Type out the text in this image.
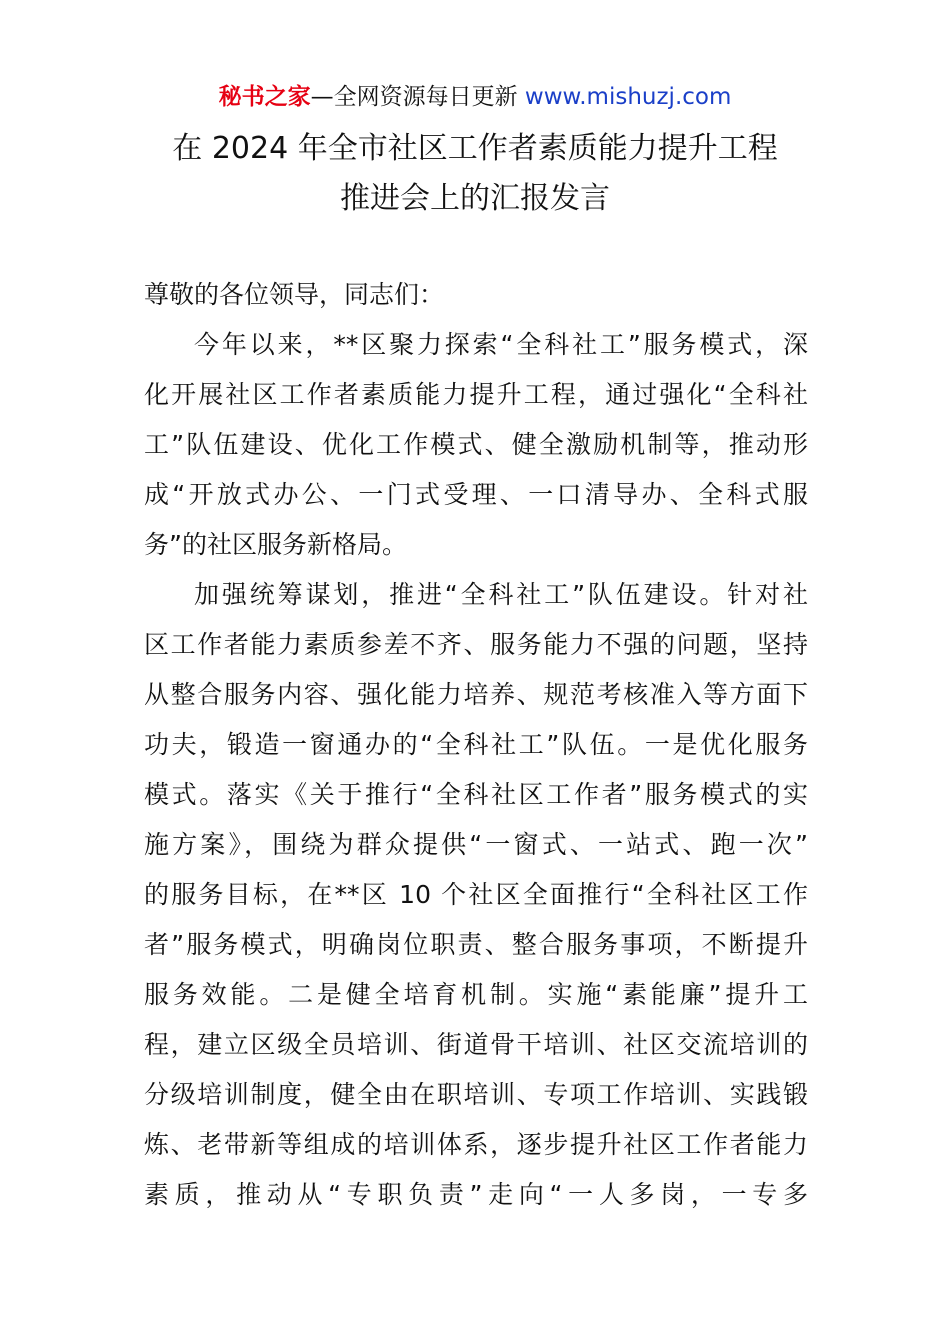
秘书之家—全网资源每日更新 www.mishuzj.com
在 2024 年全市社区工作者素质能力提升工程
推进会上的汇报发言
尊敬的各位领导，同志们：
今年以来，**区聚力探索“全科社工”服务模式，深
化开展社区工作者素质能力提升工程，通过强化“全科社
工”队伍建设、优化工作模式、健全激励机制等，推动形
成“开放式办公、一门式受理、一口清导办、全科式服
务”的社区服务新格局。
加强统筹谋划，推进“全科社工”队伍建设。针对社
区工作者能力素质参差不齐、服务能力不强的问题，坚持
从整合服务内容、强化能力培养、规范考核准入等方面下
功夫，锻造一窗通办的“全科社工”队伍。一是优化服务
模式。落实《关于推行“全科社区工作者”服务模式的实
施方案》，围绕为群众提供“一窗式、一站式、跑一次”
的服务目标，在**区 10 个社区全面推行“全科社区工作
者”服务模式，明确岗位职责、整合服务事项，不断提升
服务效能。二是健全培育机制。实施“素能廉”提升工
程，建立区级全员培训、街道骨干培训、社区交流培训的
分级培训制度，健全由在职培训、专项工作培训、实践锻
炼、老带新等组成的培训体系，逐步提升社区工作者能力
素质，推动从“专职负责”走向“一人多岗，一专多
